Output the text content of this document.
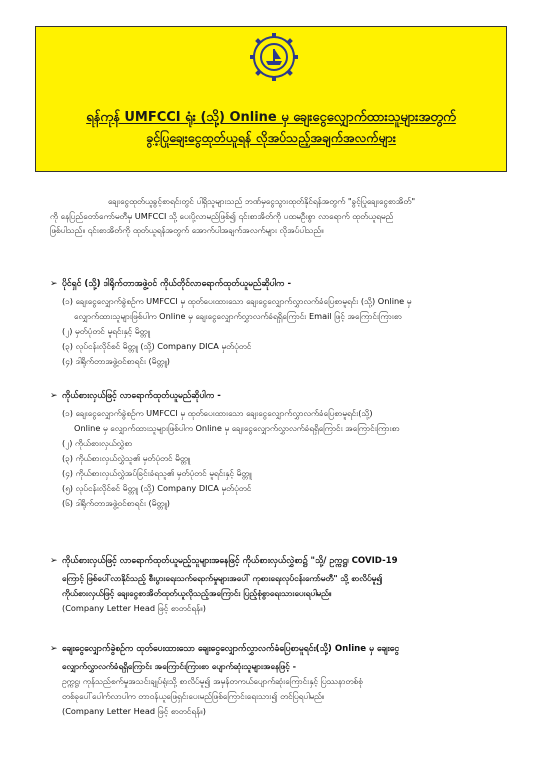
ရန်ကုန် UMFCCI ရုံး (သို့) Online မှ ချေးငွေလျှောက်ထားသူများအတွက်
ခွင့်ပြုချေးငွေထုတ်ယူရန် လိုအပ်သည့်အချက်အလက်များ

ချေးငွေထုတ်ယူခွင့်စာရင်းတွင် ပါရှိသူများသည် ဘဏ်မှငွေသွားထုတ်နိုင်ရန်အတွက် "ခွင့်ပြုချေးငွေစာအိတ်"

ကို နေပြည်တော်ကော်မတီမှ UMFCCI သို့ ပေးပို့လာမည်ဖြစ်၍ ၎င်းစာအိတ်ကို ပထမဦးစွာ လာရောက် ထုတ်ယူရမည်

ဖြစ်ပါသည်။ ၎င်းစာအိတ်ကို ထုတ်ယူရန်အတွက် အောက်ပါအချက်အလက်များ လိုအပ်ပါသည်။

➢ ပိုင်ရှင် (သို့) ဒါရိုက်တာအဖွဲ့ဝင် ကိုယ်တိုင်လာရောက်ထုတ်ယူမည်ဆိုပါက -
(၁) ချေးငွေလျှောက်ခွဲစဉ်က UMFCCI မှ ထုတ်ပေးထားသော ချေးငွေလျှောက်လွှာလက်ခံပြေစာမူရင်း (သို့) Online မှ
လျှောက်ထားသူများဖြစ်ပါက Online မှ ချေးငွေလျှောက်လွှာလက်ခံရရှိကြောင်း Email ဖြင့် အကြောင်းကြားစာ
(၂) မှတ်ပုံတင် မူရင်းနှင့် မိတ္တူ
(၃) လုပ်ငန်းလိုင်စင် မိတ္တူ (သို့) Company DICA မှတ်ပုံတင်
(၄) ဒါရိုက်တာအဖွဲ့ဝင်စာရင်း (မိတ္တူ)
➢ ကိုယ်စားလှယ်ဖြင့် လာရောက်ထုတ်ယူမည်ဆိုပါက -
(၁) ချေးငွေလျှောက်ခွဲစဉ်က UMFCCI မှ ထုတ်ပေးထားသော ချေးငွေလျှောက်လွှာလက်ခံပြေစာမူရင်း(သို့)
Online မှ လျှောက်ထားသူများဖြစ်ပါက Online မှ ချေးငွေလျှောက်လွှာလက်ခံရရှိကြောင်း အကြောင်းကြားစာ
(၂) ကိုယ်စားလှယ်လွှဲစာ
(၃) ကိုယ်စားလှယ်လွှဲသူ၏ မှတ်ပုံတင် မိတ္တူ
(၄) ကိုယ်စားလှယ်လွှဲအပ်ခြင်းခံရသူ၏ မှတ်ပုံတင် မူရင်းနှင့် မိတ္တူ
(၅) လုပ်ငန်းလိုင်စင် မိတ္တူ (သို့) Company DICA မှတ်ပုံတင်
(၆) ဒါရိုက်တာအဖွဲ့ဝင်စာရင်း (မိတ္တူ)
➢ ကိုယ်စားလှယ်ဖြင့် လာရောက်ထုတ်ယူမည့်သူများအနေဖြင့် ကိုယ်စားလှယ်လွှဲစာ၌ "သို့/ ဥက္ကဋ္ဌ၊ COVID-19
ကြောင့် ဖြစ်ပေါ်လာနိုင်သည့် စီးပွားရေးသက်ရောက်မှုများအပေါ် ကုစားရေးလုပ်ငန်းကော်မတီ" သို့ စာလိပ်မူ၍
ကိုယ်စားလှယ်ဖြင့် ချေးငွေစာအိတ်ထုတ်ယူလိုသည့်အကြောင်း ပြည့်စုံစွာရေးသားပေးရပါမည်။
(Company Letter Head ဖြင့် စာတင်ရန်။)
➢ ချေးငွေလျှောက်ခွဲစဉ်က ထုတ်ပေးထားသော ချေးငွေလျှောက်လွှာလက်ခံပြေစာမူရင်း(သို့) Online မှ ချေးငွေ
လျှောက်လွှာလက်ခံရရှိကြောင်း အကြောင်းကြားစာ ပျောက်ဆုံးသူများအနေဖြင့် -
ဥက္ကဋ္ဌ၊ ကုန်သည်စက်မှုအသင်းချုပ်ရုံးသို့ စာလိပ်မူ၍ အမှန်တကယ်ပျောက်ဆုံးကြောင်းနှင့် ပြဿနာတစ်စုံ
တစ်ခုပေါ်ပေါက်လာပါက တာဝန်ယူဖြေရှင်းပေးမည်ဖြစ်ကြောင်းရေးသား၍ တင်ပြရပါမည်။
(Company Letter Head ဖြင့် စာတင်ရန်။)
